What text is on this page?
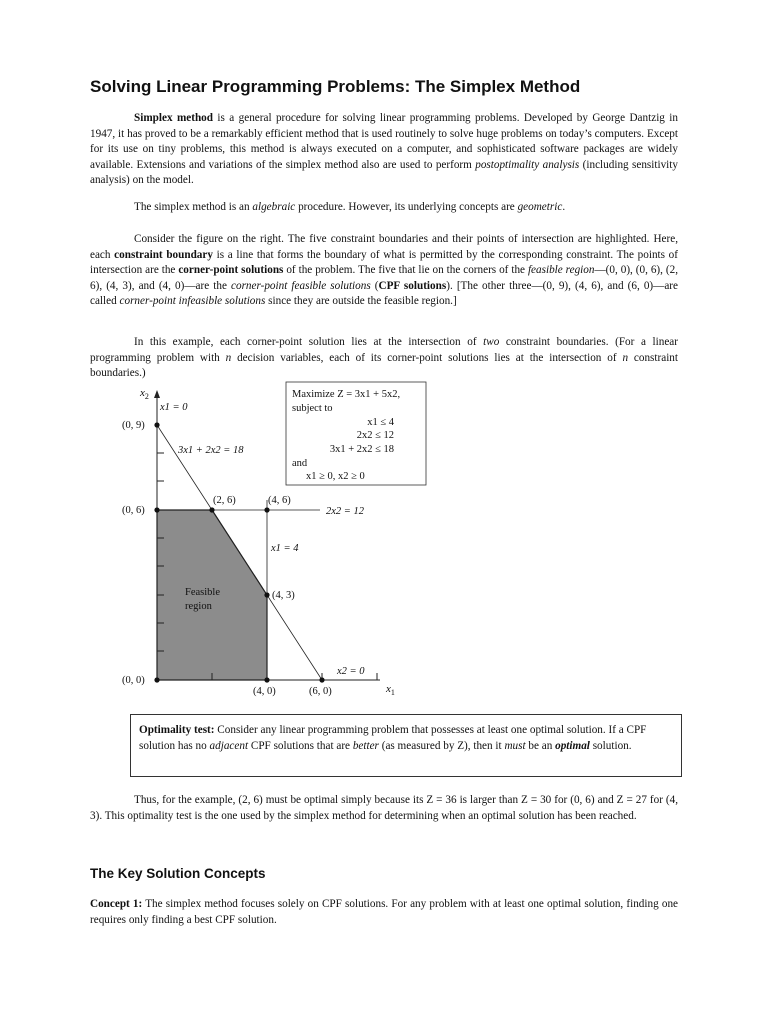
Solving Linear Programming Problems: The Simplex Method

Simplex method is a general procedure for solving linear programming problems. Developed by George Dantzig in 1947, it has proved to be a remarkably efficient method that is used routinely to solve huge problems on today’s computers. Except for its use on tiny problems, this method is always executed on a computer, and sophisticated software packages are widely available. Extensions and variations of the simplex method also are used to perform postoptimality analysis (including sensitivity analysis) on the model.

The simplex method is an algebraic procedure. However, its underlying concepts are geometric.

Consider the figure on the right. The five constraint boundaries and their points of intersection are highlighted. Here, each constraint boundary is a line that forms the boundary of what is permitted by the corresponding constraint. The points of intersection are the corner-point solutions of the problem. The five that lie on the corners of the feasible region—(0, 0), (0, 6), (2, 6), (4, 3), and (4, 0)—are the corner-point feasible solutions (CPF solutions). [The other three—(0, 9), (4, 6), and (6, 0)—are called corner-point infeasible solutions since they are outside the feasible region.]

In this example, each corner-point solution lies at the intersection of two constraint boundaries. (For a linear programming problem with n decision variables, each of its corner-point solutions lies at the intersection of n constraint boundaries.)

Optimality test: Consider any linear programming problem that possesses at least one optimal solution. If a CPF solution has no adjacent CPF solutions that are better (as measured by Z), then it must be an optimal solution.

Thus, for the example, (2, 6) must be optimal simply because its Z = 36 is larger than Z = 30 for (0, 6) and Z = 27 for (4, 3). This optimality test is the one used by the simplex method for determining when an optimal solution has been reached.

The Key Solution Concepts

Concept 1: The simplex method focuses solely on CPF solutions. For any problem with at least one optimal solution, finding one requires only finding a best CPF solution.

$x_2$
$x_1$
(0, 9)
(0, 6)
(0, 0)
(2, 6)	(4, 6)
(4, 3)
(4, 0)	(6, 0)
x1 = 0
3x1 + 2x2 = 18
2x2 = 12
x1 = 4
x2 = 0
Feasible
region
Maximize Z = 3x1 + 5x2,
subject to
x1 ≤ 4
2x2 ≤ 12
3x1 + 2x2 ≤ 18
and
x1 ≥ 0, x2 ≥ 0
